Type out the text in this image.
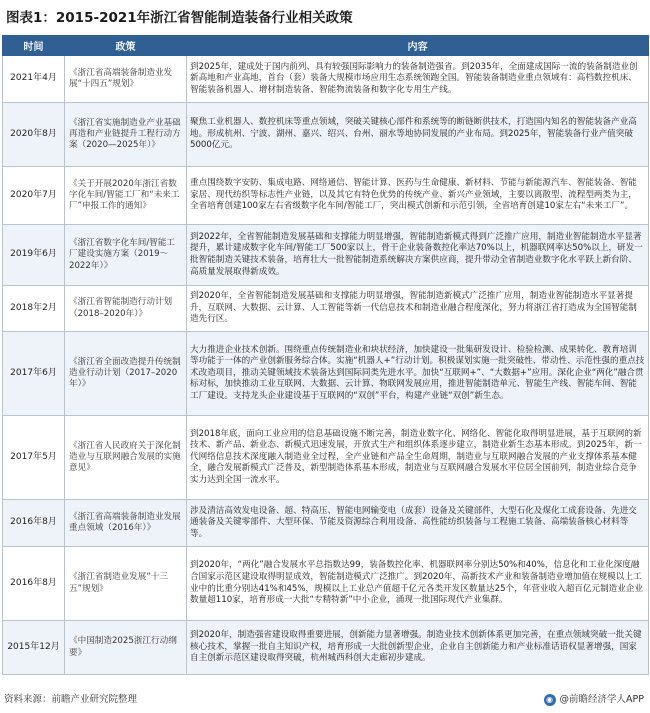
图表1：2015-2021年浙江省智能制造装备行业相关政策
时间	政策	内容
2021年4月	《浙江省高端装备制造业发展“十四五”规划》	到2025年，建成处于国内前列、具有较强国际影响力的装备制造强省。到2035年，全面建成国际一流的装备制造业创新高地和产业高地，首台（套）装备大规模市场应用生态系统领跑全国。智能装备制造业重点领域有：高档数控机床、智能装备机器人、增材制造装备、智能物流装备和数字化专用生产线。
2020年8月	《浙江省实施制造业产业基础再造和产业链提升工程行动方案（2020—2025年）》	聚焦工业机器人、数控机床等重点领域，突破关键核心部件和系统等的断链断供技术，打造国内知名的智能装备产业高地。形成杭州、宁波、湖州、嘉兴、绍兴、台州、丽水等地协同发展的产业布局。到2025年，智能装备行业产值突破5000亿元。
2020年7月	《关于开展2020年浙江省数字化车间/智能工厂和“未来工厂”申报工作的通知》	重点围绕数字安防、集成电路、网络通信、智能计算、医药与生命健康、新材料、节能与新能源汽车、智能装备、智能家居、现代纺织等标志性产业链，以及其它有特色优势的传统产业、新兴产业领域，主要以离散型、流程型两类为主，全省培育创建100家左右省级数字化车间/智能工厂，突出模式创新和示范引领，全省培育创建10家左右“未来工厂”。
2019年6月	《浙江省数字化车间/智能工厂建设实施方案（2019～2022年）》	到2022年，全省智能制造发展基础和支撑能力明显增强，智能制造新模式得到广泛推广应用，制造业智能制造水平显著提升，累计建成数字化车间/智能工厂500家以上，骨干企业装备数控化率达70%以上，机器联网率达50%以上，研发一批智能制造关键技术装备，培育壮大一批智能制造系统解决方案供应商，提升带动全省制造业数字化水平跃上新台阶、高质量发展取得新成效。
2018年2月	《浙江省智能制造行动计划（2018–2020年）》	到2020年，全省智能制造发展基础和支撑能力明显增强，智能制造新模式广泛推广应用，制造业智能制造水平显著提升，互联网、大数据、云计算、人工智能等新一代信息技术和制造业融合程度深化，努力将浙江省打造成为全国智能制造先行区。
2017年6月	《浙江省全面改造提升传统制造业行动计划（2017–2020年）》	大力推进企业技术创新。围绕重点传统制造业和块状经济，加快建设一批集研发设计、检验检测、成果转化、教育培训等功能于一体的产业创新服务综合体。实施“机器人+”行动计划。积极谋划实施一批突破性、带动性、示范性强的重点技术改造项目，推动关键领域技术装备达到国际同类先进水平。加快“互联网+”、“大数据+”应用。深化企业“两化”融合贯标对标，加快推动工业互联网、大数据、云计算、物联网发展应用，推进智能制造单元、智能生产线、智能车间、智能工厂建设。支持龙头企业建设基于互联网的“双创”平台，构建产业链“双创”新生态。
2017年5月	《浙江省人民政府关于深化制造业与互联网融合发展的实施意见》	到2018年底，面向工业应用的信息基础设施不断完善，制造业数字化、网络化、智能化取得明显进展，基于互联网的新技术、新产品、新业态、新模式迅速发展，开放式生产和组织体系逐步建立，制造业新生态基本形成。到2025年，新一代网络信息技术深度融入制造业全过程，全产业链和产品全生命周期，制造业与互联网融合发展的产业支撑体系基本健全，融合发展新模式广泛普及，新型制造体系基本形成，制造业与互联网融合发展水平位居全国前列，制造业综合竞争实力达到全国一流水平。
2016年8月	《浙江省高端装备制造业发展重点领域（2016年）》	涉及清洁高效发电设备、超、特高压、智能电网输变电（成套）设备及关键部件，大型石化及煤化工成套设备、先进交通装备及关键零部件、大型环保、节能及资源综合利用设备、高性能纺织装备与工程施工装备、高端装备核心材料等等。
2016年8月	《浙江省制造业发展“十三五”规划》	到2020年，“两化”融合发展水平总指数达99，装备数控化率、机器联网率分别达50%和40%，信息化和工业化深度融合国家示范区建设取得明显成效，智能制造模式广泛推广。到2020年，高新技术产业和装备制造业增加值在规模以上工业中的比重分别达41%和45%，规模以上工业总产值超千亿元各类开发区数量达25个，年营业收入超百亿元制造业企业数量超110家，培育形成一大批“专精特新”中小企业，涌现一批国际现代产业集群。
2015年12月	《中国制造2025浙江行动纲要》	到2020年，制造强省建设取得重要进展，创新能力显著增强。制造业技术创新体系更加完善，在重点领域突破一批关键核心技术，掌握一批自主知识产权，培育形成一大批创新型企业，企业自主创新能力和产业标准话语权显著增强，国家自主创新示范区建设取得突破，杭州城西科创大走廊初步建成。
资料来源：前瞻产业研究院整理	◉ @前瞻经济学人APP
